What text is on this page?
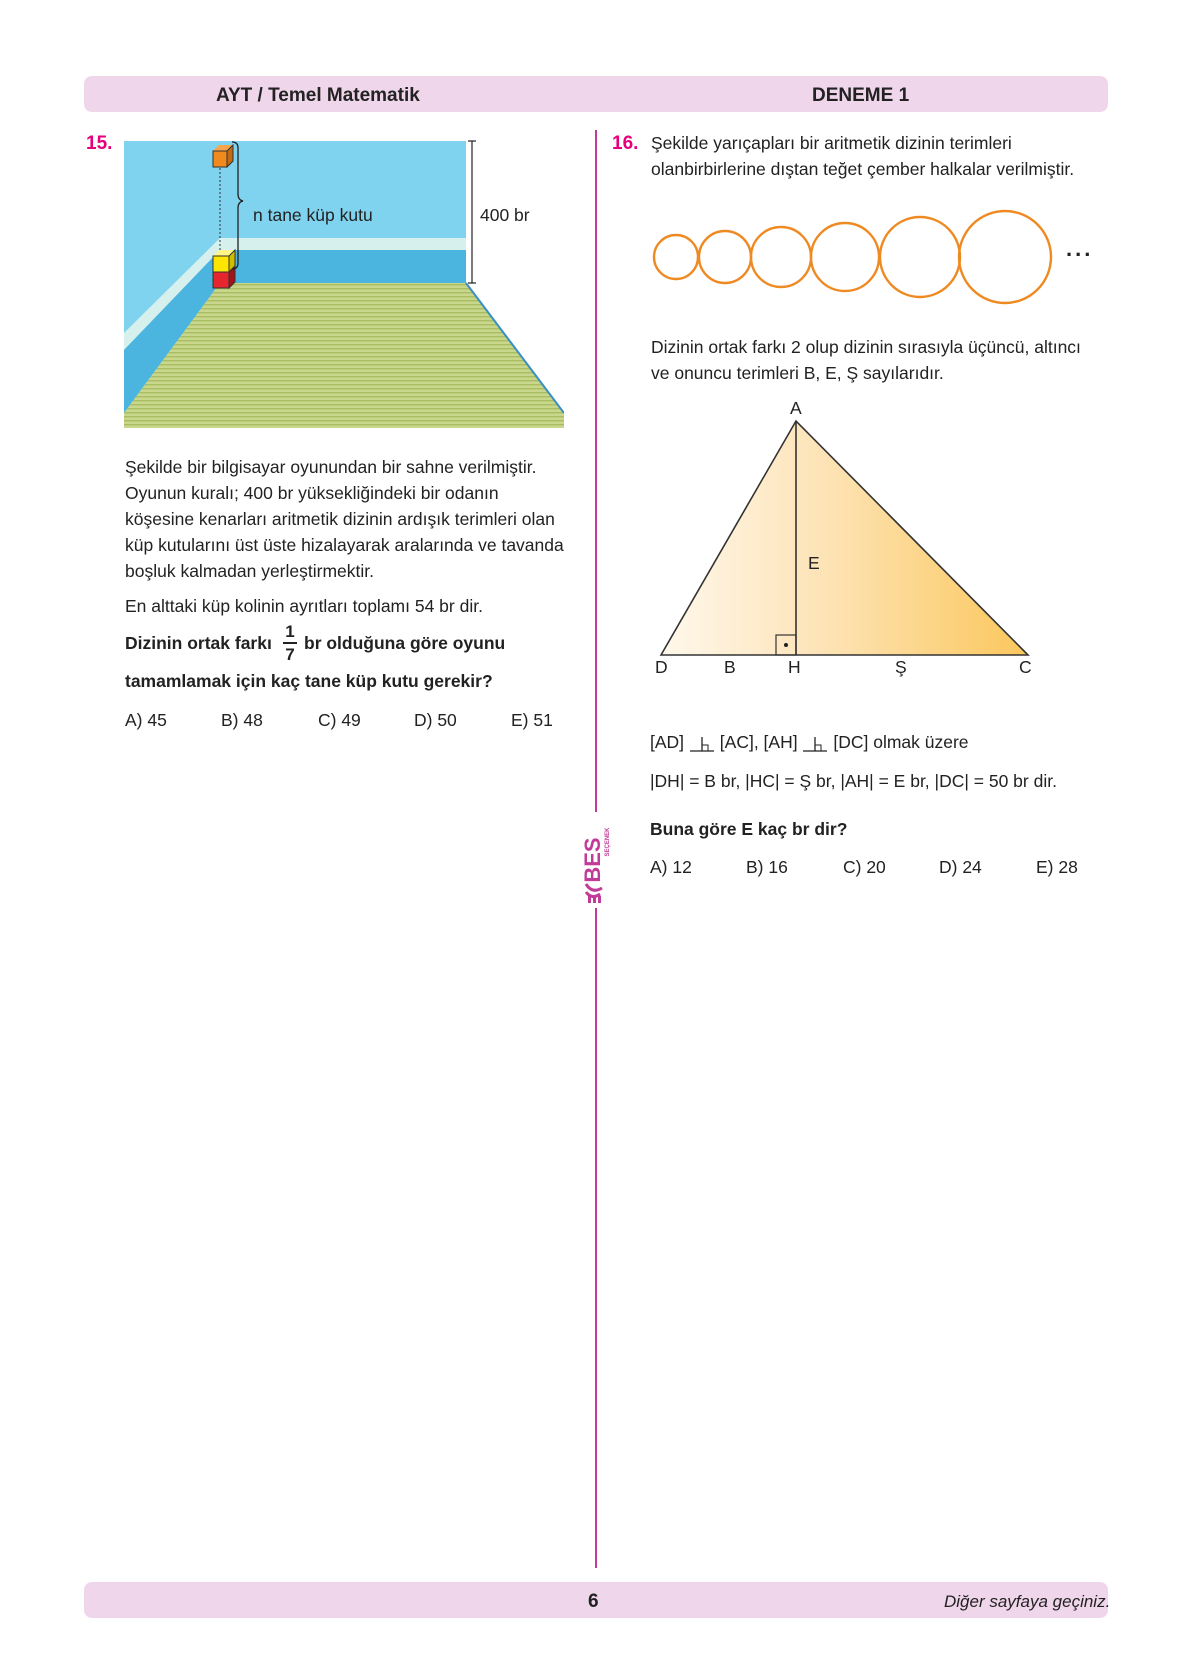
AYT / Temel Matematik	DENEME 1
6	Diğer sayfaya geçiniz.
BES SEÇENEK
15.
n tane küp kutu	400 br
Şekilde bir bilgisayar oyunundan bir sahne verilmiştir.
Oyunun kuralı; 400 br yüksekliğindeki bir odanın
köşesine kenarları aritmetik dizinin ardışık terimleri olan
küp kutularını üst üste hizalayarak aralarında ve tavanda
boşluk kalmadan yerleştirmektir.
En alttaki küp kolinin ayrıtları toplamı 54 br dir.
Dizinin ortak farkı
1
7
br olduğuna göre oyunu
tamamlamak için kaç tane küp kutu gerekir?
A) 45	B) 48	C) 49	D) 50	E) 51
16. Şekilde yarıçapları bir aritmetik dizinin terimleri
olanbirbirlerine dıştan teğet çember halkalar verilmiştir.
...
Dizinin ortak farkı 2 olup dizinin sırasıyla üçüncü, altıncı
ve onuncu terimleri B, E, Ş sayılarıdır.
A
D	B	H	Ş	C
E
[AD] [AC], [AH] [DC] olmak üzere
|DH| = B br, |HC| = Ş br, |AH| = E br, |DC| = 50 br dir.
Buna göre E kaç br dir?
A) 12	B) 16	C) 20	D) 24	E) 28
